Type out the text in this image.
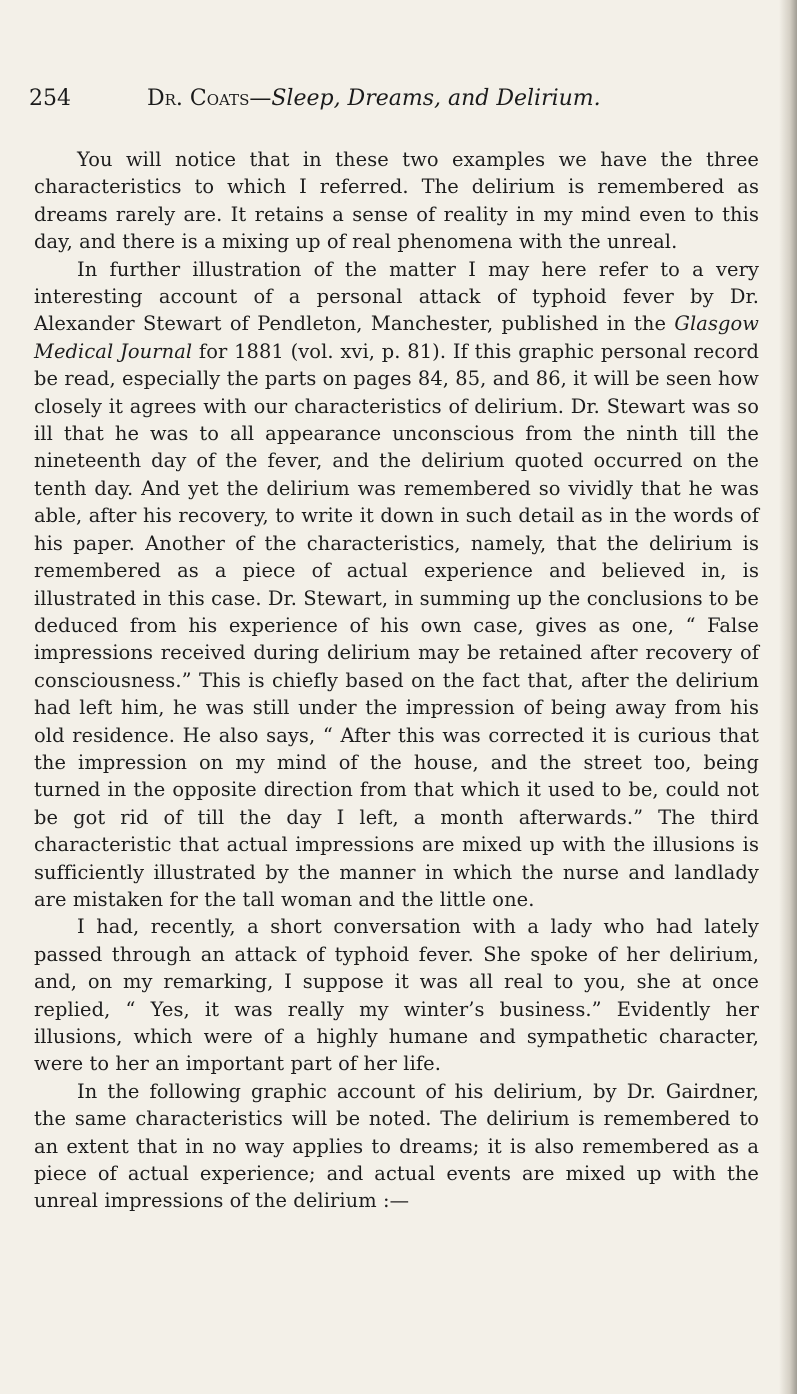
254	Dr. Coats—Sleep, Dreams, and Delirium.

You will notice that in these two examples we have the three characteristics to which I referred. The delirium is remembered as dreams rarely are. It retains a sense of reality in my mind even to this day, and there is a mixing up of real phenomena with the unreal.

In further illustration of the matter I may here refer to a very interesting account of a personal attack of typhoid fever by Dr. Alexander Stewart of Pendleton, Manchester, published in the Glasgow Medical Journal for 1881 (vol. xvi, p. 81). If this graphic personal record be read, especially the parts on pages 84, 85, and 86, it will be seen how closely it agrees with our characteristics of delirium. Dr. Stewart was so ill that he was to all appearance unconscious from the ninth till the nineteenth day of the fever, and the delirium quoted occurred on the tenth day. And yet the delirium was remembered so vividly that he was able, after his recovery, to write it down in such detail as in the words of his paper. Another of the characteristics, namely, that the delirium is remembered as a piece of actual experience and believed in, is illustrated in this case. Dr. Stewart, in summing up the conclusions to be deduced from his experience of his own case, gives as one, “ False impressions received during delirium may be retained after recovery of consciousness.” This is chiefly based on the fact that, after the delirium had left him, he was still under the impression of being away from his old residence. He also says, “ After this was corrected it is curious that the impression on my mind of the house, and the street too, being turned in the opposite direction from that which it used to be, could not be got rid of till the day I left, a month afterwards.” The third characteristic that actual impressions are mixed up with the illusions is sufficiently illustrated by the manner in which the nurse and landlady are mistaken for the tall woman and the little one.

I had, recently, a short conversation with a lady who had lately passed through an attack of typhoid fever. She spoke of her delirium, and, on my remarking, I suppose it was all real to you, she at once replied, “ Yes, it was really my winter’s business.” Evidently her illusions, which were of a highly humane and sympathetic character, were to her an important part of her life.

In the following graphic account of his delirium, by Dr. Gairdner, the same characteristics will be noted. The delirium is remembered to an extent that in no way applies to dreams; it is also remembered as a piece of actual experience; and actual events are mixed up with the unreal impressions of the delirium :—
